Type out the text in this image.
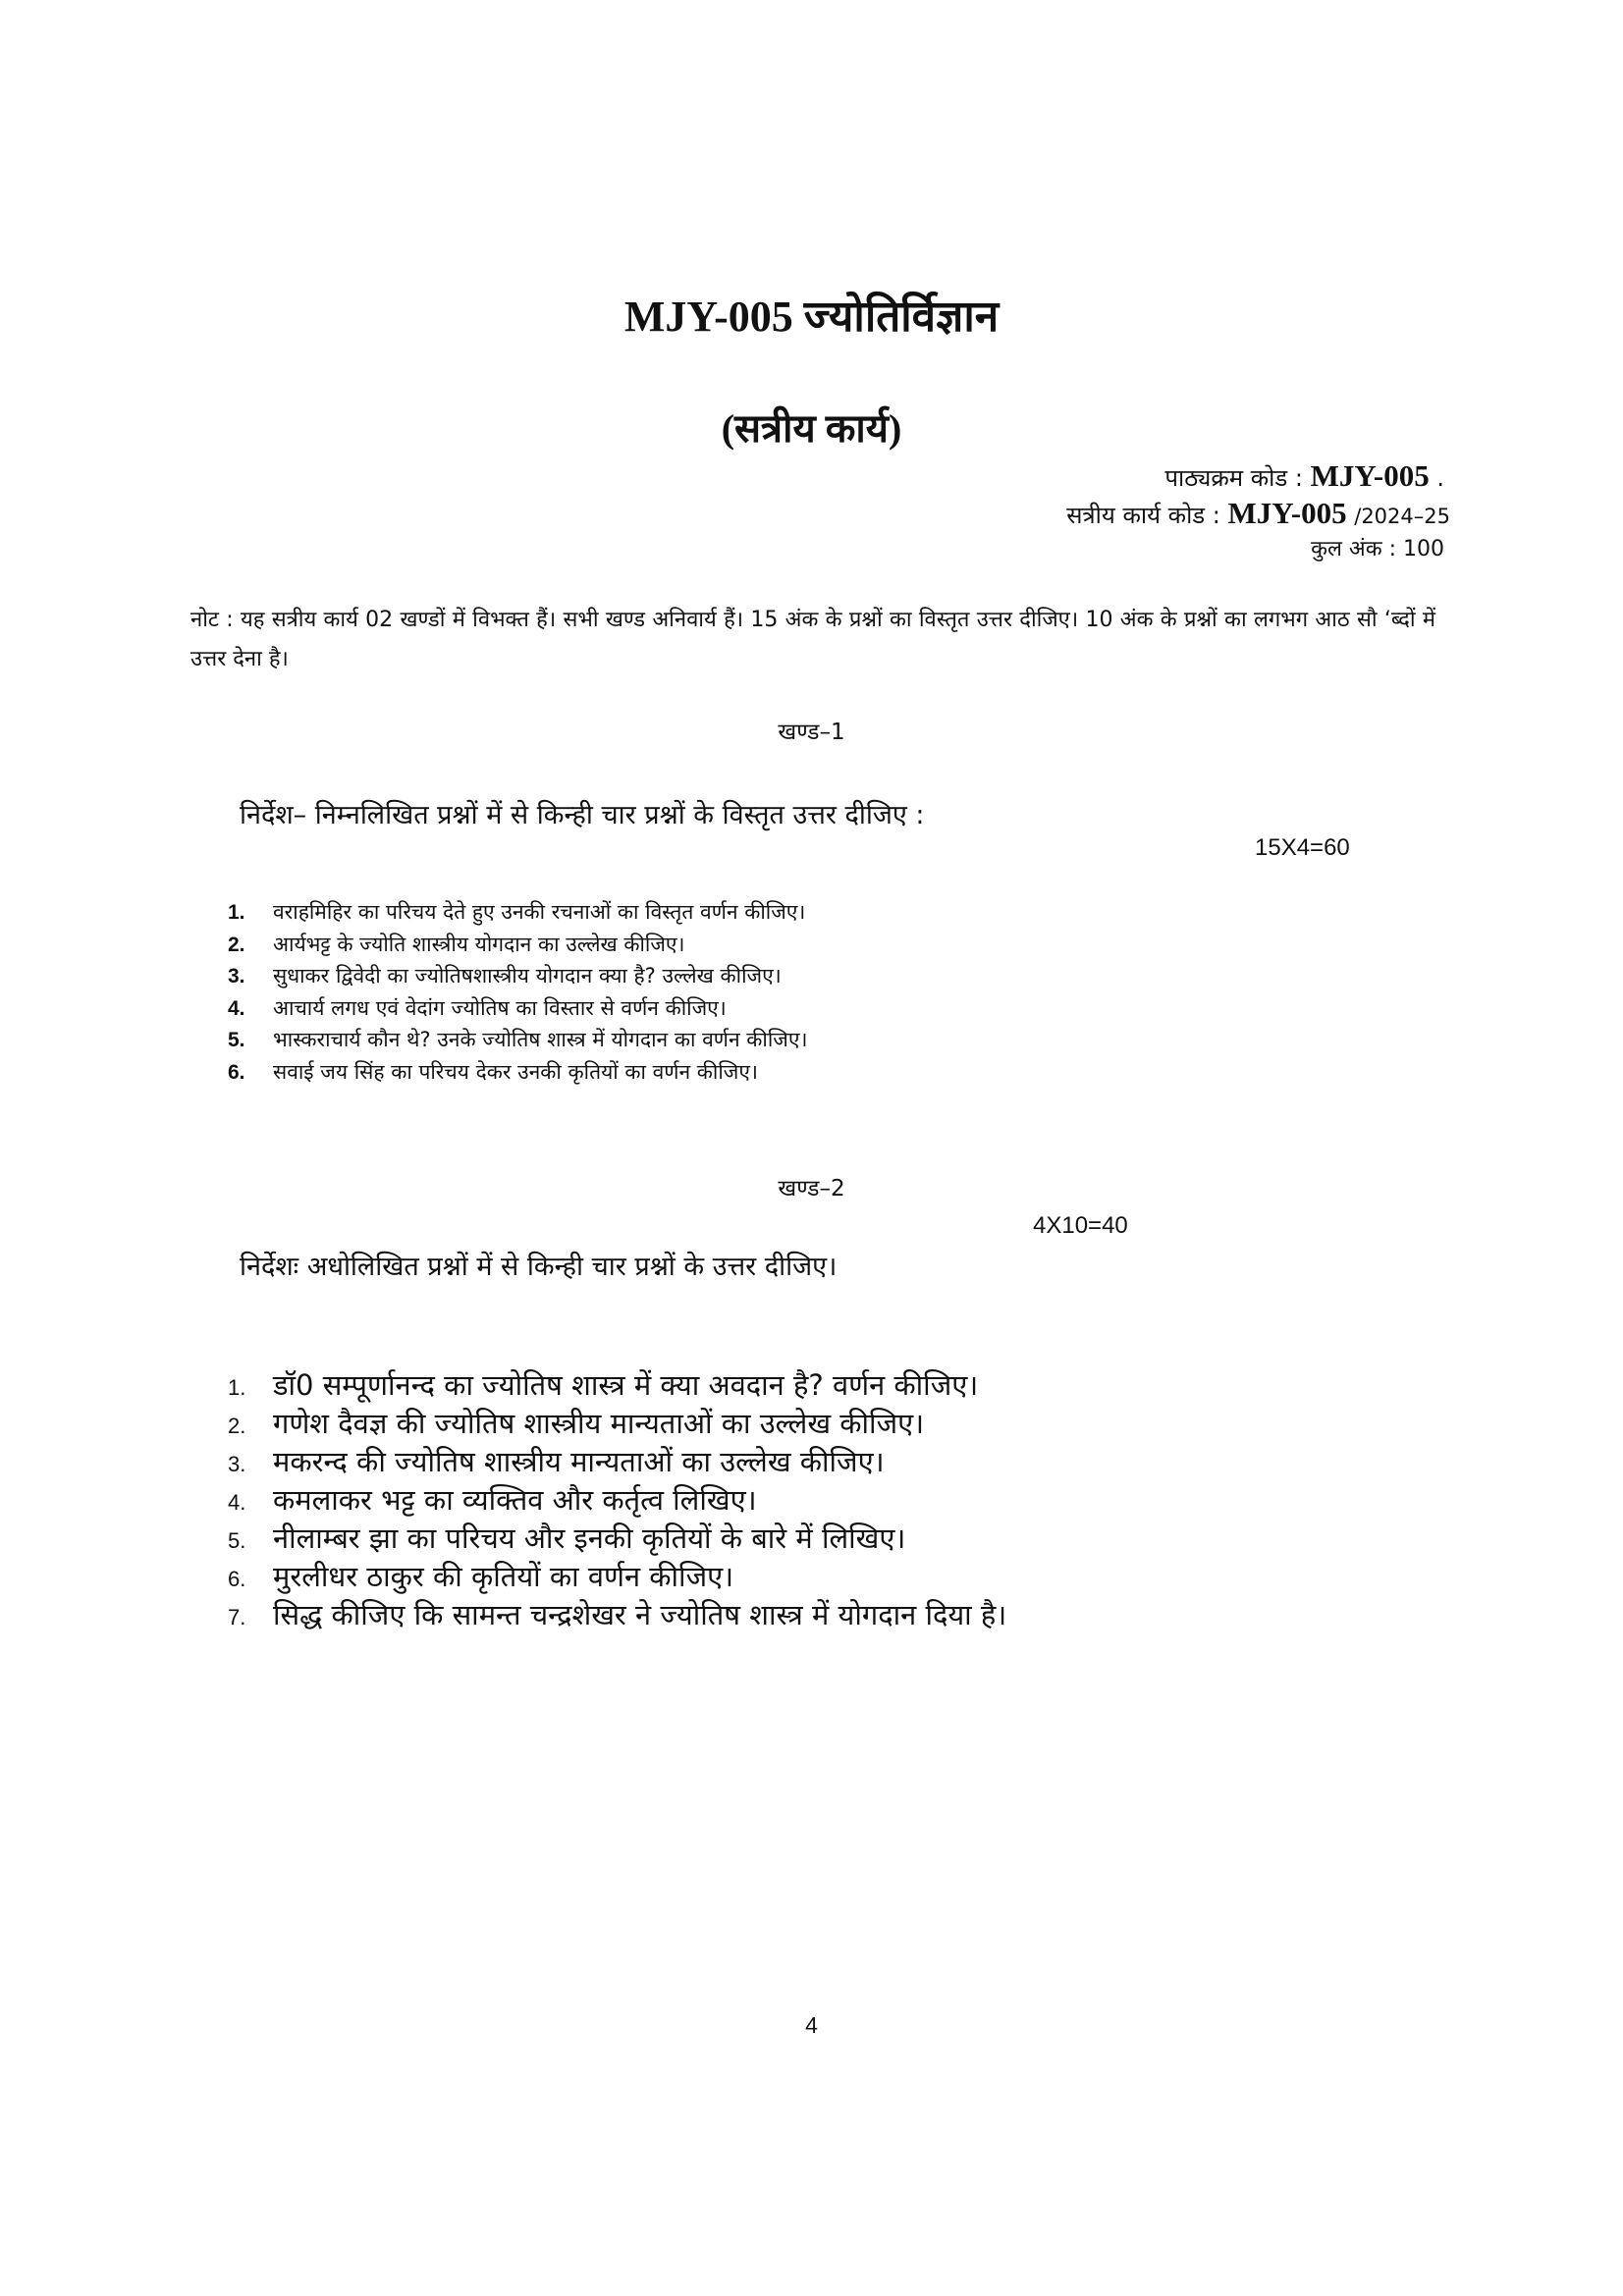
MJY-005 ज्योतिर्विज्ञान
(सत्रीय कार्य)
पाठ्यक्रम कोड : MJY-005 .
सत्रीय कार्य कोड : MJY-005 /2024–25
कुल अंक : 100
नोट : यह सत्रीय कार्य 02 खण्डों में विभक्त हैं। सभी खण्ड अनिवार्य हैं। 15 अंक के प्रश्नों का विस्तृत उत्तर दीजिए। 10 अंक के प्रश्नों का लगभग आठ सौ ‘ब्दों में उत्तर देना है।
खण्ड–1
निर्देश– निम्नलिखित प्रश्नों में से किन्ही चार प्रश्नों के विस्तृत उत्तर दीजिए :
15X4=60
1. वराहमिहिर का परिचय देते हुए उनकी रचनाओं का विस्तृत वर्णन कीजिए।
2. आर्यभट्ट के ज्योति शास्त्रीय योगदान का उल्लेख कीजिए।
3. सुधाकर द्विवेदी का ज्योतिषशास्त्रीय योगदान क्या है? उल्लेख कीजिए।
4. आचार्य लगध एवं वेदांग ज्योतिष का विस्तार से वर्णन कीजिए।
5. भास्कराचार्य कौन थे? उनके ज्योतिष शास्त्र में योगदान का वर्णन कीजिए।
6. सवाई जय सिंह का परिचय देकर उनकी कृतियों का वर्णन कीजिए।
खण्ड–2
4X10=40
निर्देशः अधोलिखित प्रश्नों में से किन्ही चार प्रश्नों के उत्तर दीजिए।
1. डॉ0 सम्पूर्णानन्द का ज्योतिष शास्त्र में क्या अवदान है? वर्णन कीजिए।
2. गणेश दैवज्ञ की ज्योतिष शास्त्रीय मान्यताओं का उल्लेख कीजिए।
3. मकरन्द की ज्योतिष शास्त्रीय मान्यताओं का उल्लेख कीजिए।
4. कमलाकर भट्ट का व्यक्तिव और कर्तृत्व लिखिए।
5. नीलाम्बर झा का परिचय और इनकी कृतियों के बारे में लिखिए।
6. मुरलीधर ठाकुर की कृतियों का वर्णन कीजिए।
7. सिद्ध कीजिए कि सामन्त चन्द्रशेखर ने ज्योतिष शास्त्र में योगदान दिया है।
4
